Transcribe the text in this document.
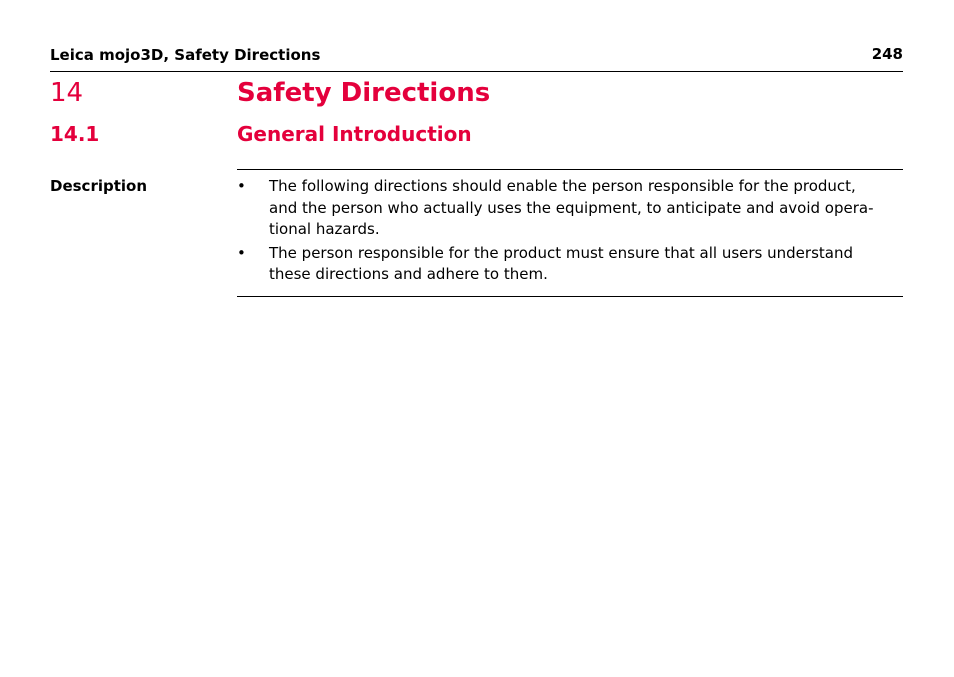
Leica mojo3D, Safety Directions	248
14	Safety Directions
14.1	General Introduction
Description	• The following directions should enable the person responsible for the product,
and the person who actually uses the equipment, to anticipate and avoid opera-
tional hazards.
• The person responsible for the product must ensure that all users understand
these directions and adhere to them.
